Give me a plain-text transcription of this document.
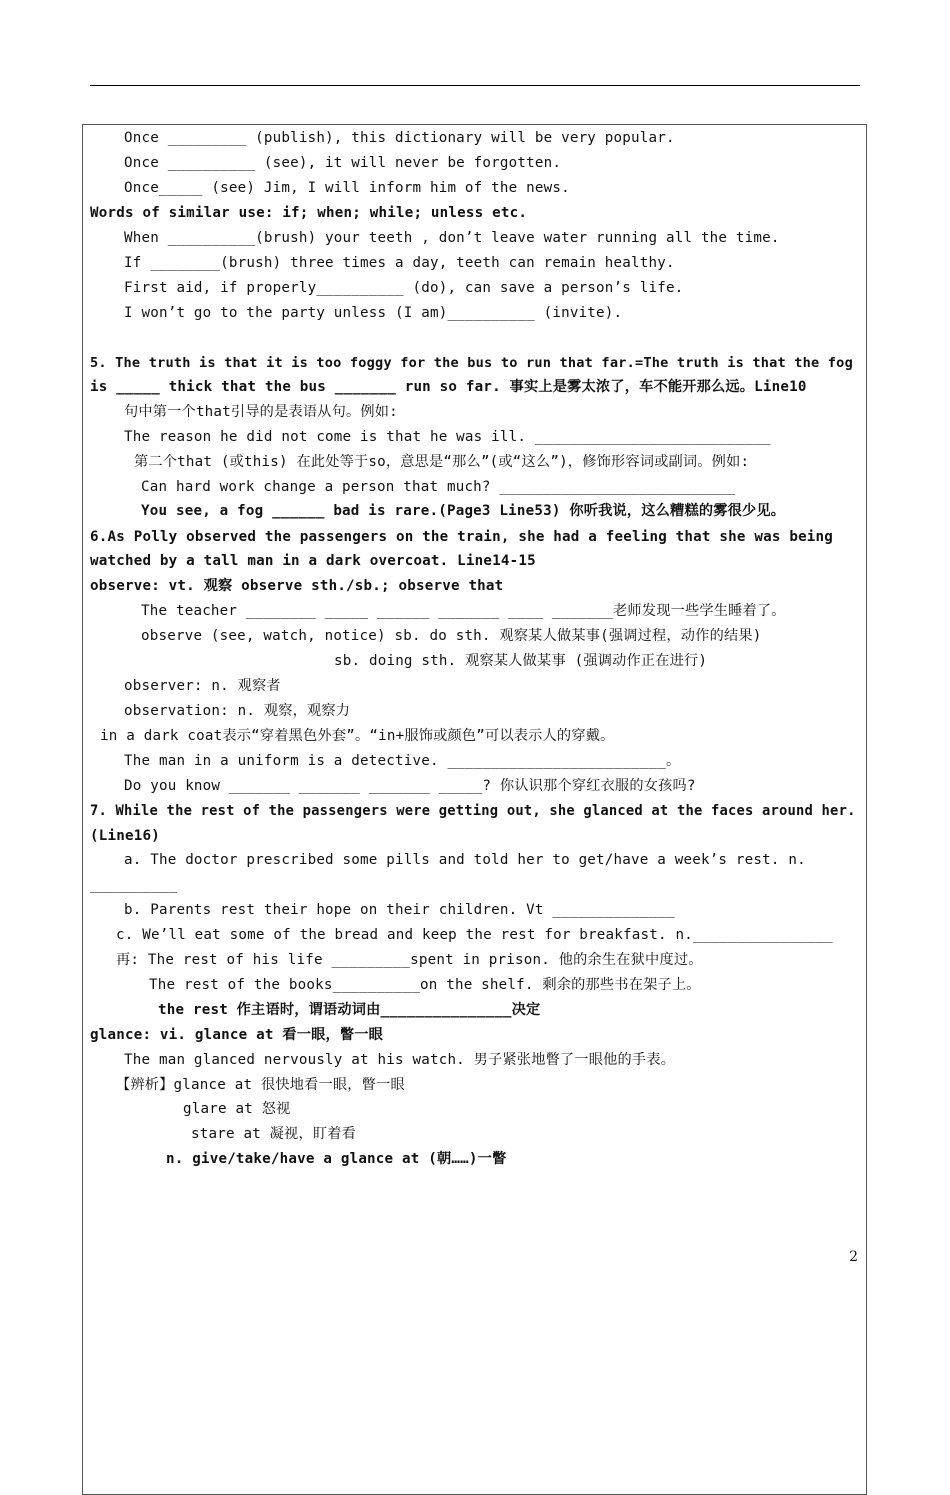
Once _________ (publish), this dictionary will be very popular.
Once __________ (see), it will never be forgotten.
Once_____ (see) Jim, I will inform him of the news.
Words of similar use: if; when; while; unless etc.
When __________(brush) your teeth , don’t leave water running all the time.
If ________(brush) three times a day, teeth can remain healthy.
First aid, if properly__________ (do), can save a person’s life.
I won’t go to the party unless (I am)__________ (invite).
5. The truth is that it is too foggy for the bus to run that far.=The truth is that the fog
is _____ thick that the bus _______ run so far. 事实上是雾太浓了，车不能开那么远。Line10
句中第一个that引导的是表语从句。例如:
The reason he did not come is that he was ill. ___________________________
第二个that (或this) 在此处等于so，意思是“那么”(或“这么”)，修饰形容词或副词。例如:
Can hard work change a person that much? ___________________________
You see, a fog ______ bad is rare.(Page3 Line53) 你听我说，这么糟糕的雾很少见。
6.As Polly observed the passengers on the train, she had a feeling that she was being
watched by a tall man in a dark overcoat. Line14-15
observe: vt. 观察 observe sth./sb.; observe that
The teacher ________ _____ ______ _______ ____ _______老师发现一些学生睡着了。
observe (see, watch, notice) sb. do sth. 观察某人做某事(强调过程，动作的结果)
sb. doing sth. 观察某人做某事 (强调动作正在进行)
observer: n. 观察者
observation: n. 观察，观察力
in a dark coat表示“穿着黑色外套”。“in+服饰或颜色”可以表示人的穿戴。
The man in a uniform is a detective. _________________________。
Do you know _______ _______ _______ _____? 你认识那个穿红衣服的女孩吗?
7. While the rest of the passengers were getting out, she glanced at the faces around her.
(Line16)
a. The doctor prescribed some pills and told her to get/have a week’s rest. n.
__________
b. Parents rest their hope on their children. Vt ______________
c. We’ll eat some of the bread and keep the rest for breakfast. n.________________
再: The rest of his life _________spent in prison. 他的余生在狱中度过。
The rest of the books__________on the shelf. 剩余的那些书在架子上。
the rest 作主语时，谓语动词由_______________决定
glance: vi. glance at 看一眼，瞥一眼
The man glanced nervously at his watch. 男子紧张地瞥了一眼他的手表。
【辨析】glance at 很快地看一眼，瞥一眼
glare at 怒视
stare at 凝视，盯着看
n. give/take/have a glance at (朝……)一瞥
2
